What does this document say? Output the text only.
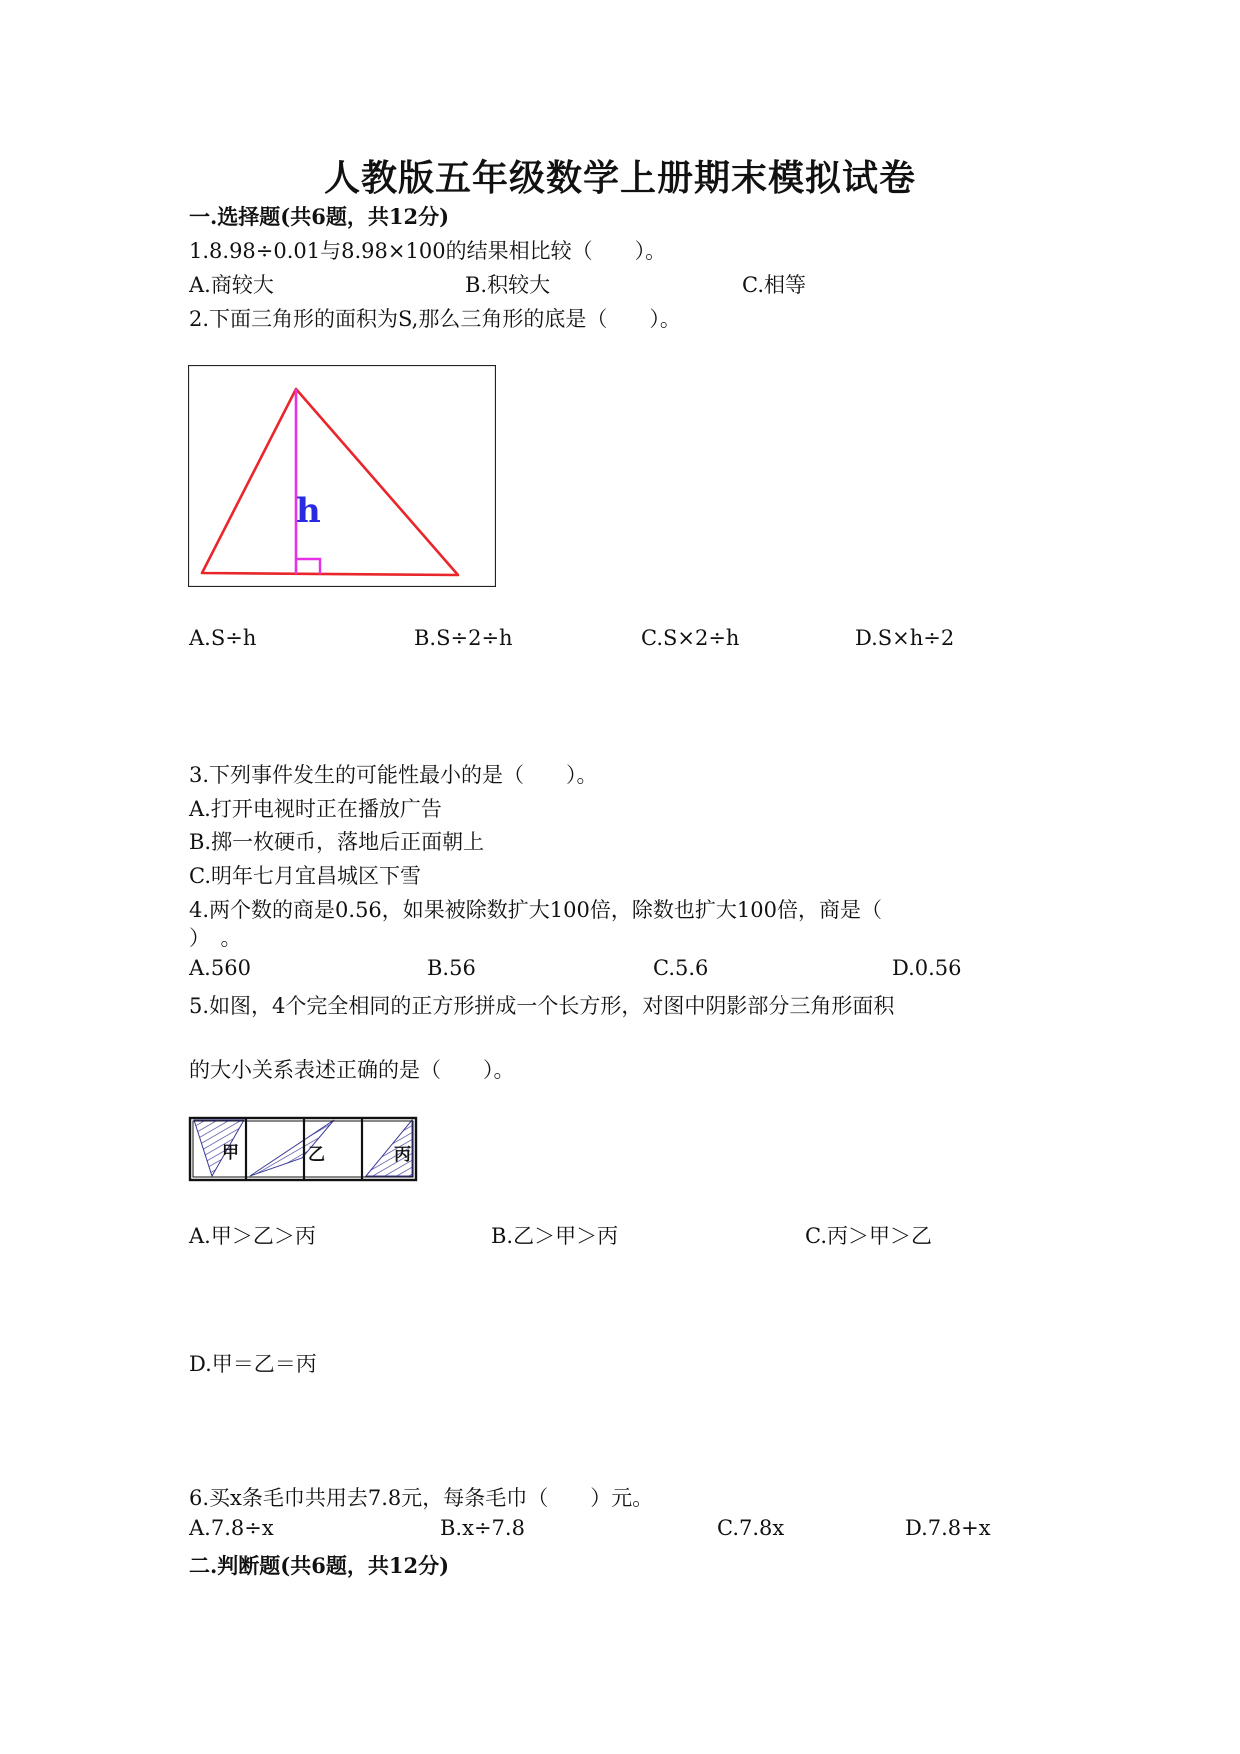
人教版五年级数学上册期末模拟试卷
一.选择题(共6题，共12分)
1.8.98÷0.01与8.98×100的结果相比较（　　）。
A.商较大	B.积较大	C.相等
2.下面三角形的面积为S,那么三角形的底是（　　）。
h
A.S÷h	B.S÷2÷h	C.S×2÷h	D.S×h÷2
3.下列事件发生的可能性最小的是（　　）。
A.打开电视时正在播放广告
B.掷一枚硬币，落地后正面朝上
C.明年七月宜昌城区下雪
4.两个数的商是0.56，如果被除数扩大100倍，除数也扩大100倍，商是（
）　。
A.560	B.56	C.5.6	D.0.56
5.如图，4个完全相同的正方形拼成一个长方形，对图中阴影部分三角形面积
的大小关系表述正确的是（　　）。
甲	乙	丙
A.甲＞乙＞丙	B.乙＞甲＞丙	C.丙＞甲＞乙
D.甲＝乙＝丙
6.买x条毛巾共用去7.8元，每条毛巾（　　）元。
A.7.8÷x	B.x÷7.8	C.7.8x	D.7.8+x
二.判断题(共6题，共12分)
